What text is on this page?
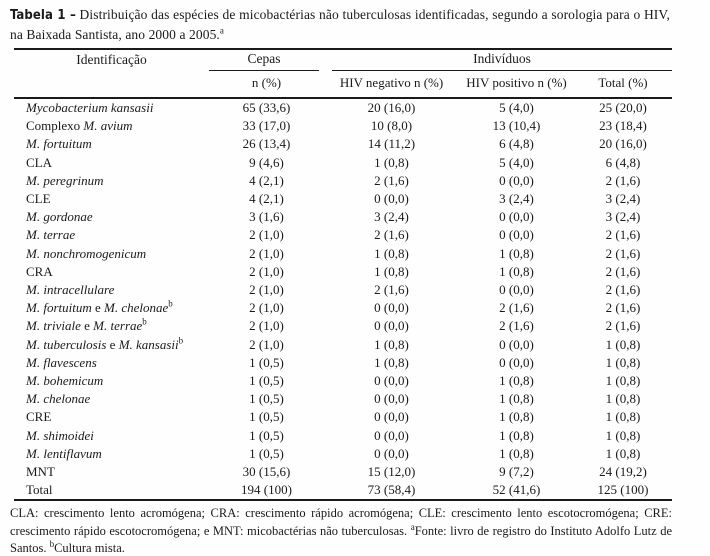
Tabela 1 – Distribuição das espécies de micobactérias não tuberculosas identificadas, segundo a sorologia para o HIV, na Baixada Santista, ano 2000 a 2005.$^a$

Identificação	Cepas	Indivíduos		

	n (%)	HIV negativo n (%)	HIV positivo n (%)	Total (%)
Mycobacterium kansasii	65 (33,6)	20 (16,0)	5 (4,0)	25 (20,0)
Complexo M. avium	33 (17,0)	10 (8,0)	13 (10,4)	23 (18,4)
M. fortuitum	26 (13,4)	14 (11,2)	6 (4,8)	20 (16,0)
CLA	9 (4,6)	1 (0,8)	5 (4,0)	6 (4,8)
M. peregrinum	4 (2,1)	2 (1,6)	0 (0,0)	2 (1,6)
CLE	4 (2,1)	0 (0,0)	3 (2,4)	3 (2,4)
M. gordonae	3 (1,6)	3 (2,4)	0 (0,0)	3 (2,4)
M. terrae	2 (1,0)	2 (1,6)	0 (0,0)	2 (1,6)
M. nonchromogenicum	2 (1,0)	1 (0,8)	1 (0,8)	2 (1,6)
CRA	2 (1,0)	1 (0,8)	1 (0,8)	2 (1,6)
M. intracellulare	2 (1,0)	2 (1,6)	0 (0,0)	2 (1,6)
M. fortuitum e M. chelonae$^b$	2 (1,0)	0 (0,0)	2 (1,6)	2 (1,6)
M. triviale e M. terrae$^b$	2 (1,0)	0 (0,0)	2 (1,6)	2 (1,6)
M. tuberculosis e M. kansasii$^b$	2 (1,0)	1 (0,8)	0 (0,0)	1 (0,8)
M. flavescens	1 (0,5)	1 (0,8)	0 (0,0)	1 (0,8)
M. bohemicum	1 (0,5)	0 (0,0)	1 (0,8)	1 (0,8)
M. chelonae	1 (0,5)	0 (0,0)	1 (0,8)	1 (0,8)
CRE	1 (0,5)	0 (0,0)	1 (0,8)	1 (0,8)
M. shimoidei	1 (0,5)	0 (0,0)	1 (0,8)	1 (0,8)
M. lentiflavum	1 (0,5)	0 (0,0)	1 (0,8)	1 (0,8)
MNT	30 (15,6)	15 (12,0)	9 (7,2)	24 (19,2)
Total	194 (100)	73 (58,4)	52 (41,6)	125 (100)

CLA: crescimento lento acromógena; CRA: crescimento rápido acromógena; CLE: crescimento lento escotocromógena; CRE: crescimento rápido escotocromógena; e MNT: micobactérias não tuberculosas. $^a$Fonte: livro de registro do Instituto Adolfo Lutz de Santos. $^b$Cultura mista.
